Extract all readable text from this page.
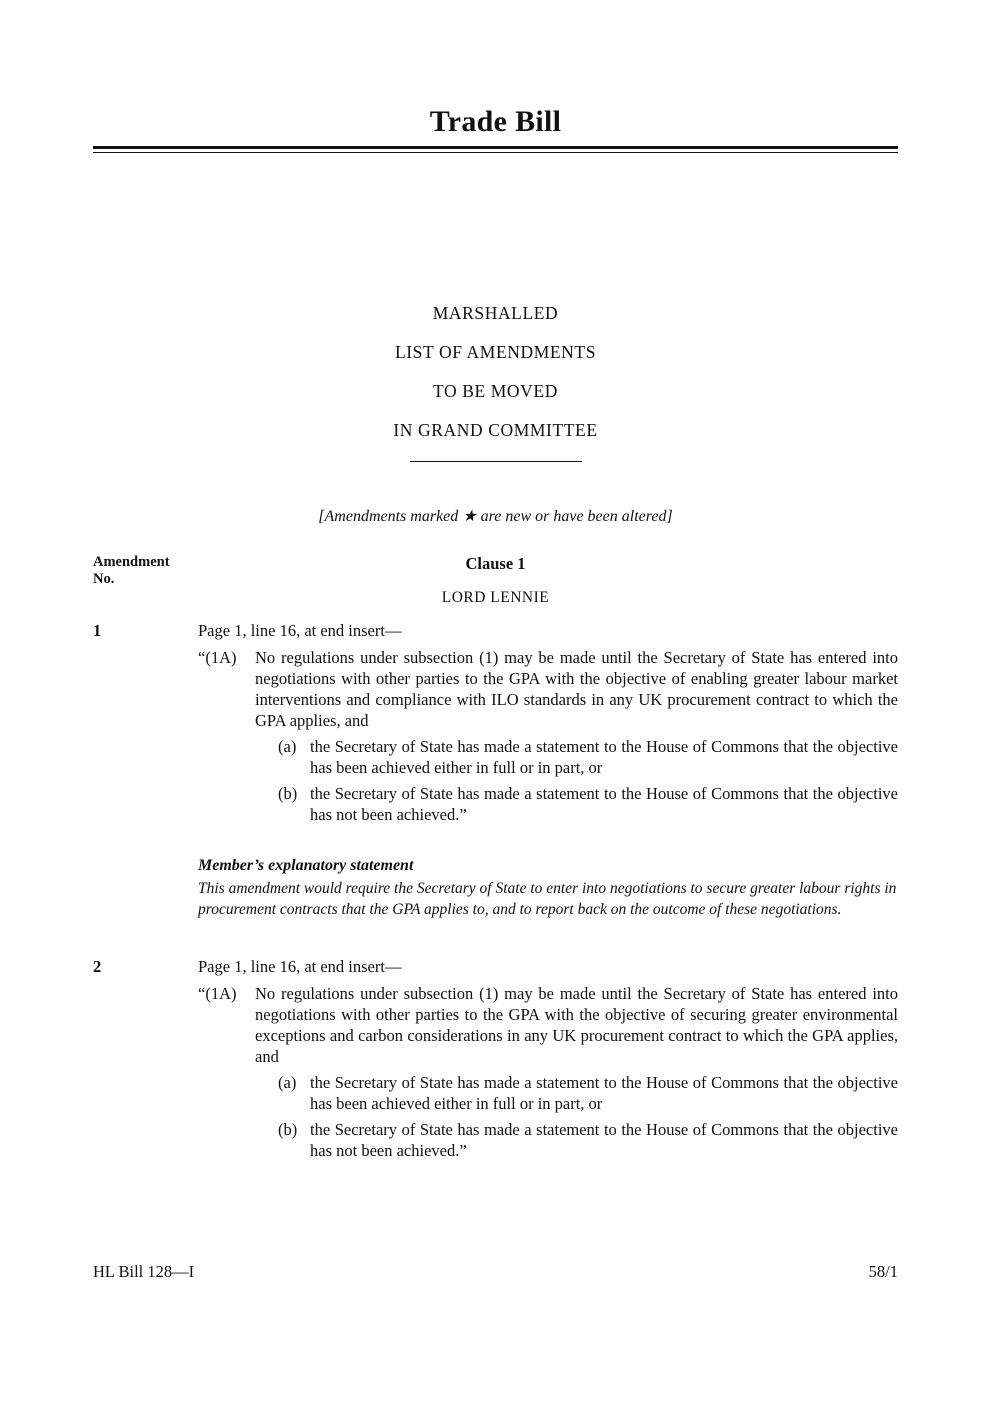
Trade Bill
MARSHALLED
LIST OF AMENDMENTS
TO BE MOVED
IN GRAND COMMITTEE
[Amendments marked ★ are new or have been altered]
Amendment
No.
Clause 1
LORD LENNIE
1	Page 1, line 16, at end insert—
“(1A)	No regulations under subsection (1) may be made until the Secretary of State has entered into negotiations with other parties to the GPA with the objective of enabling greater labour market interventions and compliance with ILO standards in any UK procurement contract to which the GPA applies, and
(a) the Secretary of State has made a statement to the House of Commons that the objective has been achieved either in full or in part, or
(b) the Secretary of State has made a statement to the House of Commons that the objective has not been achieved.”
Member’s explanatory statement
This amendment would require the Secretary of State to enter into negotiations to secure greater labour rights in procurement contracts that the GPA applies to, and to report back on the outcome of these negotiations.
2	Page 1, line 16, at end insert—
“(1A)	No regulations under subsection (1) may be made until the Secretary of State has entered into negotiations with other parties to the GPA with the objective of securing greater environmental exceptions and carbon considerations in any UK procurement contract to which the GPA applies, and
(a) the Secretary of State has made a statement to the House of Commons that the objective has been achieved either in full or in part, or
(b) the Secretary of State has made a statement to the House of Commons that the objective has not been achieved.”
HL Bill 128—I	58/1
